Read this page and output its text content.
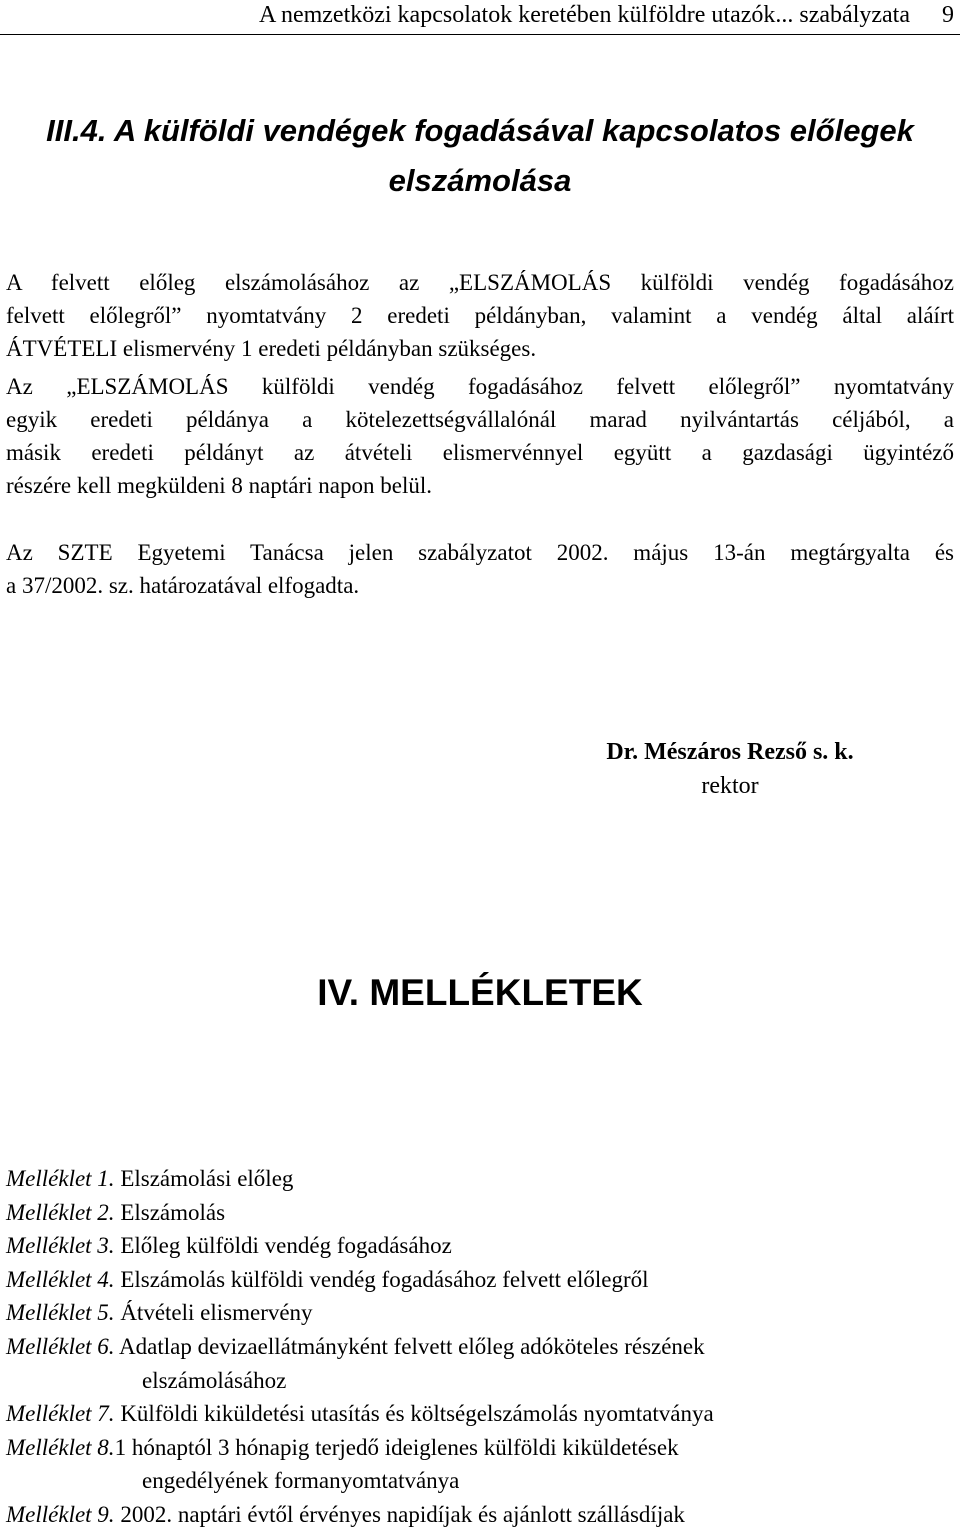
A nemzetközi kapcsolatok keretében külföldre utazók... szabályzata 9
III.4. A külföldi vendégek fogadásával kapcsolatos előlegek
elszámolása
A felvett előleg elszámolásához az „ELSZÁMOLÁS külföldi vendég fogadásához
felvett előlegről” nyomtatvány 2 eredeti példányban, valamint a vendég által aláírt
ÁTVÉTELI elismervény 1 eredeti példányban szükséges.
Az „ELSZÁMOLÁS külföldi vendég fogadásához felvett előlegről” nyomtatvány
egyik eredeti példánya a kötelezettségvállalónál marad nyilvántartás céljából, a
másik eredeti példányt az átvételi elismervénnyel együtt a gazdasági ügyintéző
részére kell megküldeni 8 naptári napon belül.
Az SZTE Egyetemi Tanácsa jelen szabályzatot 2002. május 13-án megtárgyalta és
a 37/2002. sz. határozatával elfogadta.
Dr. Mészáros Rezső s. k.
rektor
IV. MELLÉKLETEK
Melléklet 1. Elszámolási előleg
Melléklet 2. Elszámolás
Melléklet 3. Előleg külföldi vendég fogadásához
Melléklet 4. Elszámolás külföldi vendég fogadásához felvett előlegről
Melléklet 5. Átvételi elismervény
Melléklet 6. Adatlap devizaellátmányként felvett előleg adóköteles részének
elszámolásához
Melléklet 7. Külföldi kiküldetési utasítás és költségelszámolás nyomtatványa
Melléklet 8.1 hónaptól 3 hónapig terjedő ideiglenes külföldi kiküldetések
engedélyének formanyomtatványa
Melléklet 9. 2002. naptári évtől érvényes napidíjak és ajánlott szállásdíjak
